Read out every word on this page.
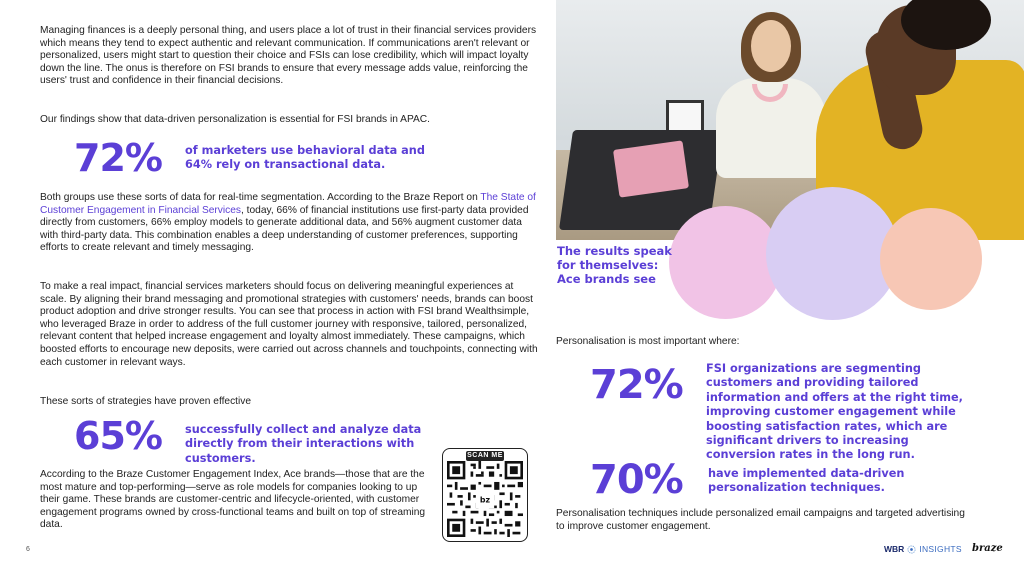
Managing finances is a deeply personal thing, and users place a lot of trust in their financial services providers which means they tend to expect authentic and relevant communication. If communications aren't relevant or personalized, users might start to question their choice and FSIs can lose credibility, which will impact loyalty down the line. The onus is therefore on FSI brands to ensure that every message adds value, reinforcing the users' trust and confidence in their financial decisions.

Our findings show that data-driven personalization is essential for FSI brands in APAC.

72% of marketers use behavioral data and 64% rely on transactional data.

Both groups use these sorts of data for real-time segmentation. According to the Braze Report on The State of Customer Engagement in Financial Services, today, 66% of financial institutions use first-party data provided directly from customers, 66% employ models to generate additional data, and 56% augment customer data with third-party data. This combination enables a deep understanding of customer preferences, supporting efforts to create relevant and timely messaging.

To make a real impact, financial services marketers should focus on delivering meaningful experiences at scale. By aligning their brand messaging and promotional strategies with customers' needs, brands can boost product adoption and drive stronger results. You can see that process in action with FSI brand Wealthsimple, who leveraged Braze in order to address of the full customer journey with responsive, tailored, personalized, relevant content that helped increase engagement and loyalty almost immediately. These campaigns, which boosted efforts to encourage new deposits, were carried out across channels and touchpoints, connecting with each customer in relevant ways.

These sorts of strategies have proven effective

65% successfully collect and analyze data directly from their interactions with customers.

According to the Braze Customer Engagement Index, Ace brands—those that are the most mature and top-performing—serve as role models for companies looking to up their game. These brands are customer-centric and lifecycle-oriented, with customer engagement programs owned by cross-functional teams and built on top of streaming data.

bz
SCAN ME
The results speak for themselves: Ace brands see

Personalisation is most important where:

72% FSI organizations are segmenting customers and providing tailored information and offers at the right time, improving customer engagement while boosting satisfaction rates, which are significant drivers to increasing conversion rates in the long run.
70% have implemented data-driven personalization techniques.

Personalisation techniques include personalized email campaigns and targeted advertising to improve customer engagement.

6	WBR INSIGHTS braze
